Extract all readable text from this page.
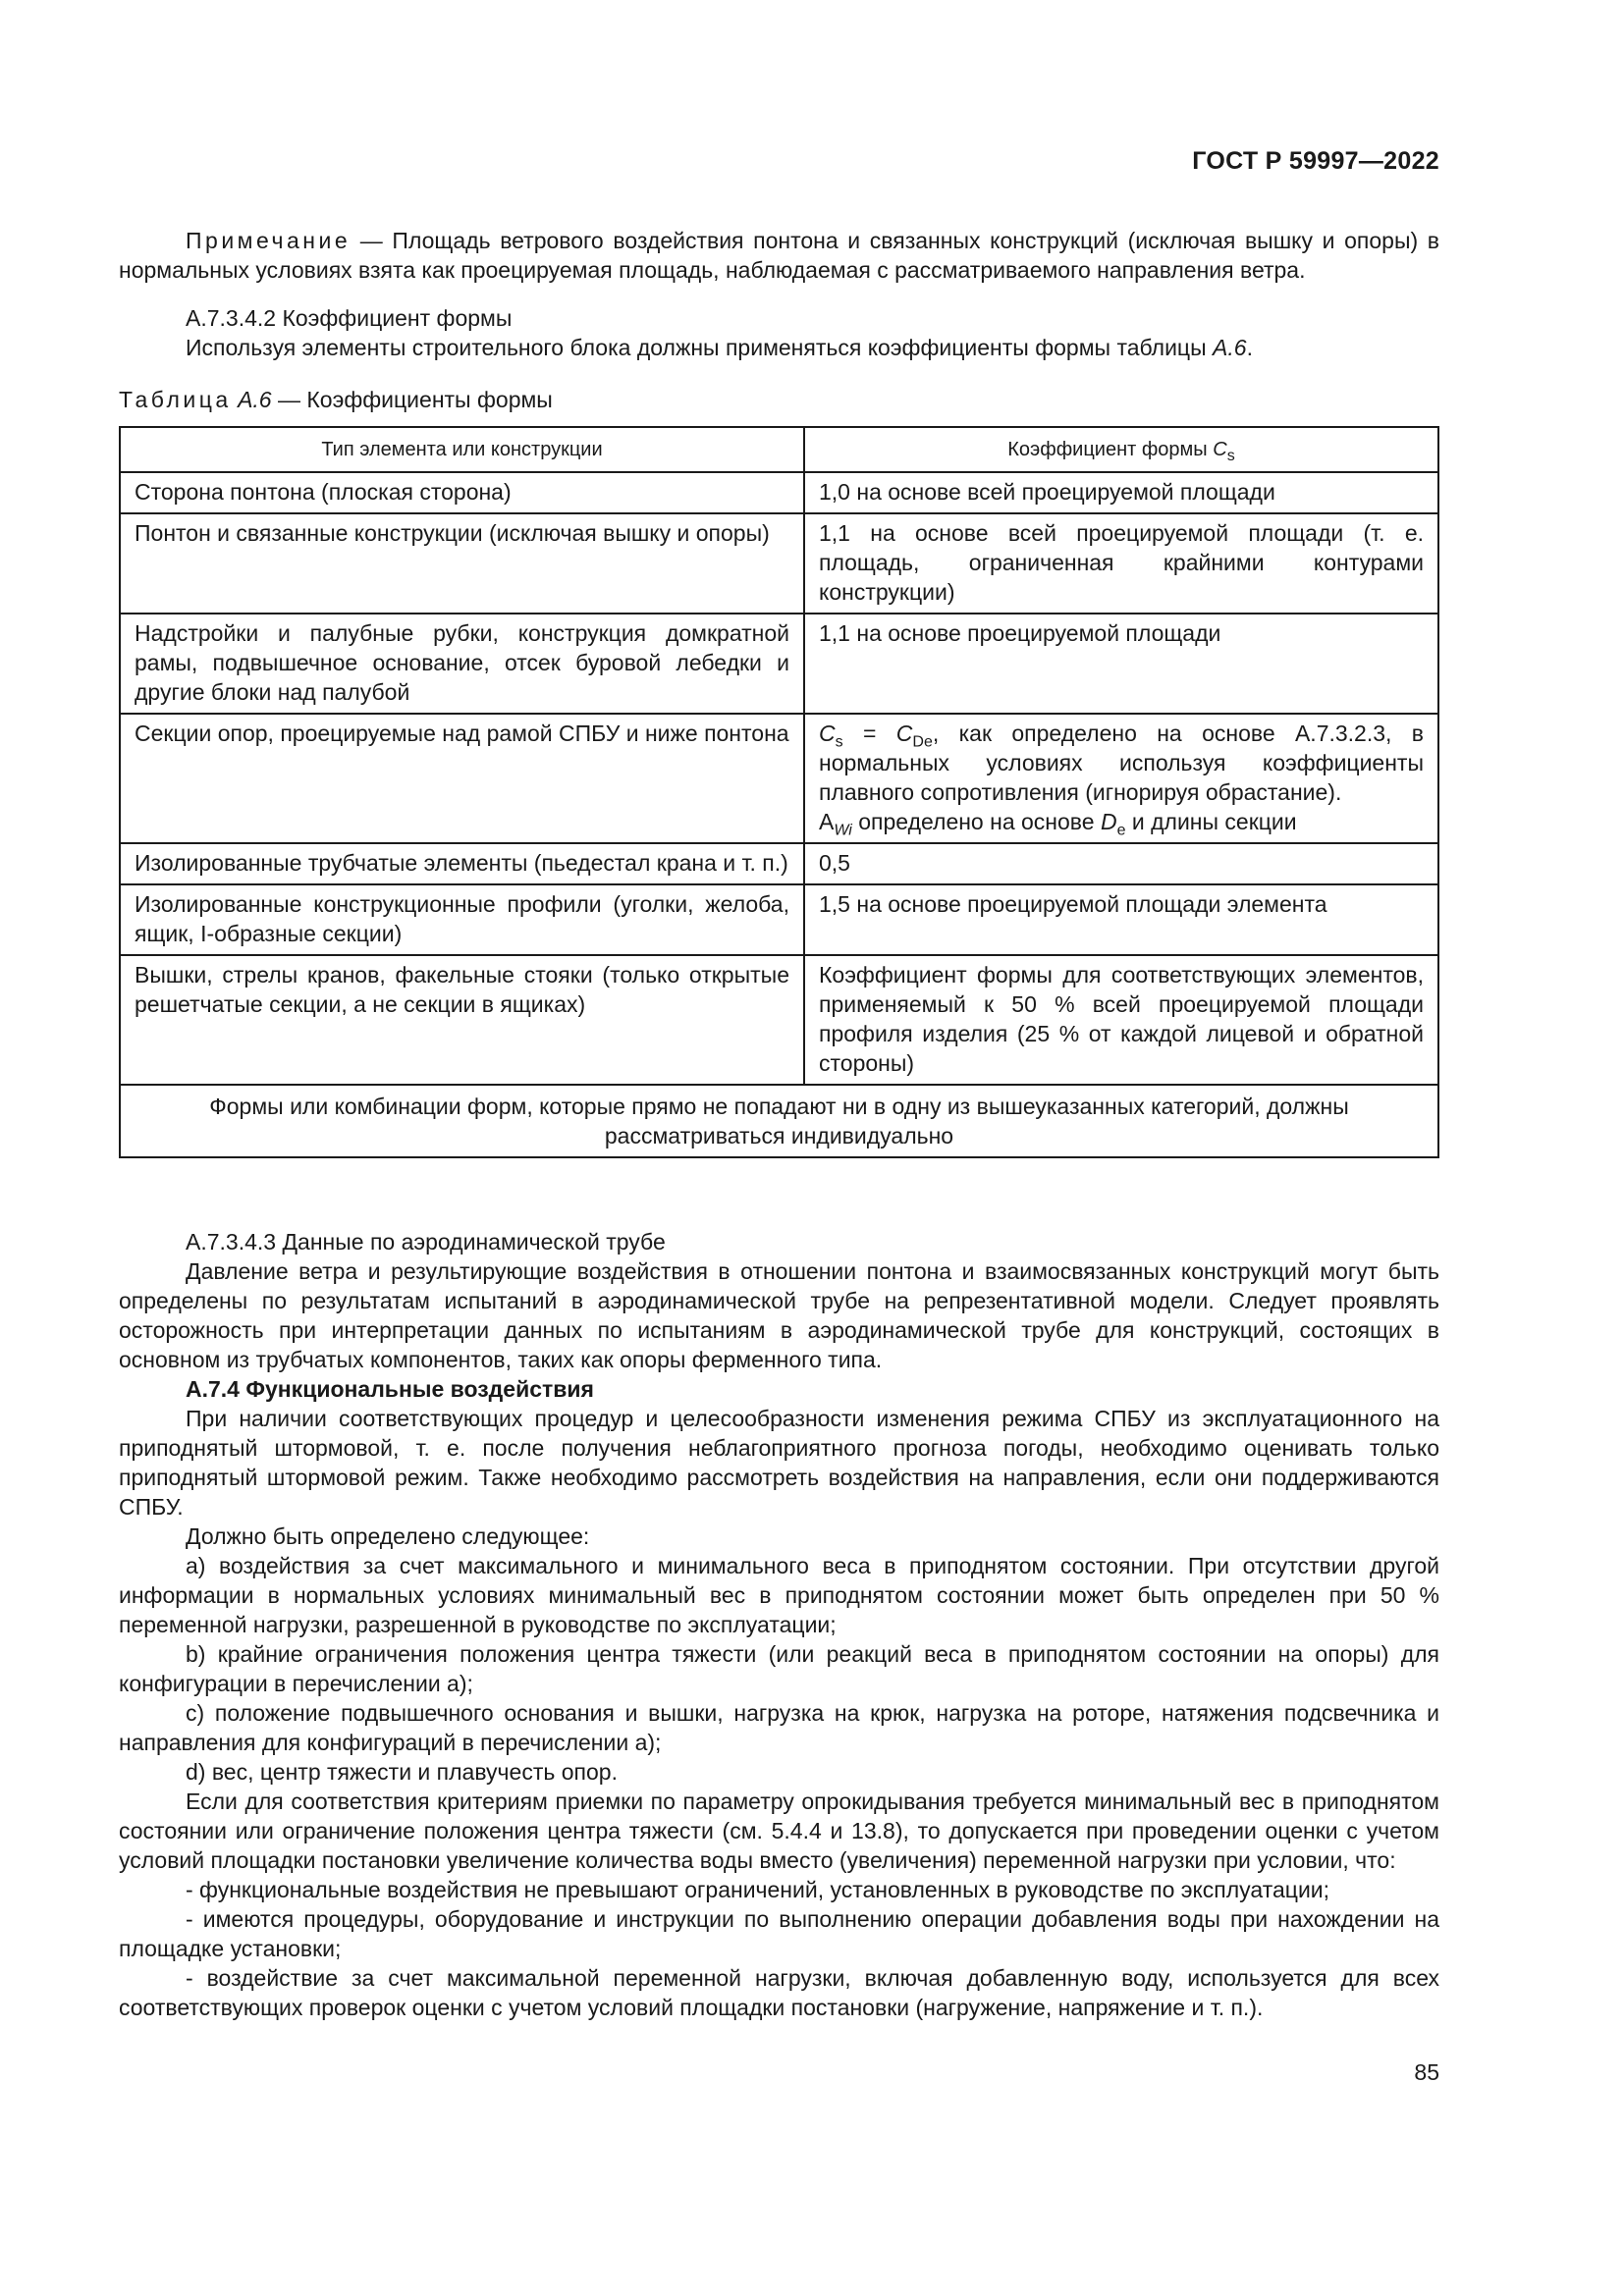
ГОСТ Р 59997—2022

Примечание — Площадь ветрового воздействия понтона и связанных конструкций (исключая вышку и опоры) в нормальных условиях взята как проецируемая площадь, наблюдаемая с рассматриваемого направления ветра.

А.7.3.4.2 Коэффициент формы

Используя элементы строительного блока должны применяться коэффициенты формы таблицы А.6.

Таблица А.6 — Коэффициенты формы
Тип элемента или конструкции	Коэффициент формы $C_s$
Сторона понтона (плоская сторона)	1,0 на основе всей проецируемой площади
Понтон и связанные конструкции (исключая вышку и опоры)	1,1 на основе всей проецируемой площади (т. е. площадь, ограниченная крайними контурами конструкции)
Надстройки и палубные рубки, конструкция домкратной рамы, подвышечное основание, отсек буровой лебедки и другие блоки над палубой	1,1 на основе проецируемой площади
Секции опор, проецируемые над рамой СПБУ и ниже понтона	$C_s = C_{De}$, как определено на основе А.7.3.2.3, в нормальных условиях используя коэффициенты плавного сопротивления (игнорируя обрастание).
$A_{Wi}$ определено на основе $D_e$ и длины секции
Изолированные трубчатые элементы (пьедестал крана и т. п.)	0,5
Изолированные конструкционные профили (уголки, желоба, ящик, I-образные секции)	1,5 на основе проецируемой площади элемента
Вышки, стрелы кранов, факельные стояки (только открытые решетчатые секции, а не секции в ящиках)	Коэффициент формы для соответствующих элементов, применяемый к 50 % всей проецируемой площади профиля изделия (25 % от каждой лицевой и обратной стороны)
Формы или комбинации форм, которые прямо не попадают ни в одну из вышеуказанных категорий, должны рассматриваться индивидуально	

А.7.3.4.3 Данные по аэродинамической трубе

Давление ветра и результирующие воздействия в отношении понтона и взаимосвязанных конструкций могут быть определены по результатам испытаний в аэродинамической трубе на репрезентативной модели. Следует проявлять осторожность при интерпретации данных по испытаниям в аэродинамической трубе для конструкций, состоящих в основном из трубчатых компонентов, таких как опоры ферменного типа.

А.7.4 Функциональные воздействия

При наличии соответствующих процедур и целесообразности изменения режима СПБУ из эксплуатационного на приподнятый штормовой, т. е. после получения неблагоприятного прогноза погоды, необходимо оценивать только приподнятый штормовой режим. Также необходимо рассмотреть воздействия на направления, если они поддерживаются СПБУ.

Должно быть определено следующее:

a) воздействия за счет максимального и минимального веса в приподнятом состоянии. При отсутствии другой информации в нормальных условиях минимальный вес в приподнятом состоянии может быть определен при 50 % переменной нагрузки, разрешенной в руководстве по эксплуатации;

b) крайние ограничения положения центра тяжести (или реакций веса в приподнятом состоянии на опоры) для конфигурации в перечислении a);

c) положение подвышечного основания и вышки, нагрузка на крюк, нагрузка на роторе, натяжения подсвечника и направления для конфигураций в перечислении a);

d) вес, центр тяжести и плавучесть опор.

Если для соответствия критериям приемки по параметру опрокидывания требуется минимальный вес в приподнятом состоянии или ограничение положения центра тяжести (см. 5.4.4 и 13.8), то допускается при проведении оценки с учетом условий площадки постановки увеличение количества воды вместо (увеличения) переменной нагрузки при условии, что:

- функциональные воздействия не превышают ограничений, установленных в руководстве по эксплуатации;

- имеются процедуры, оборудование и инструкции по выполнению операции добавления воды при нахождении на площадке установки;

- воздействие за счет максимальной переменной нагрузки, включая добавленную воду, используется для всех соответствующих проверок оценки с учетом условий площадки постановки (нагружение, напряжение и т. п.).

85
